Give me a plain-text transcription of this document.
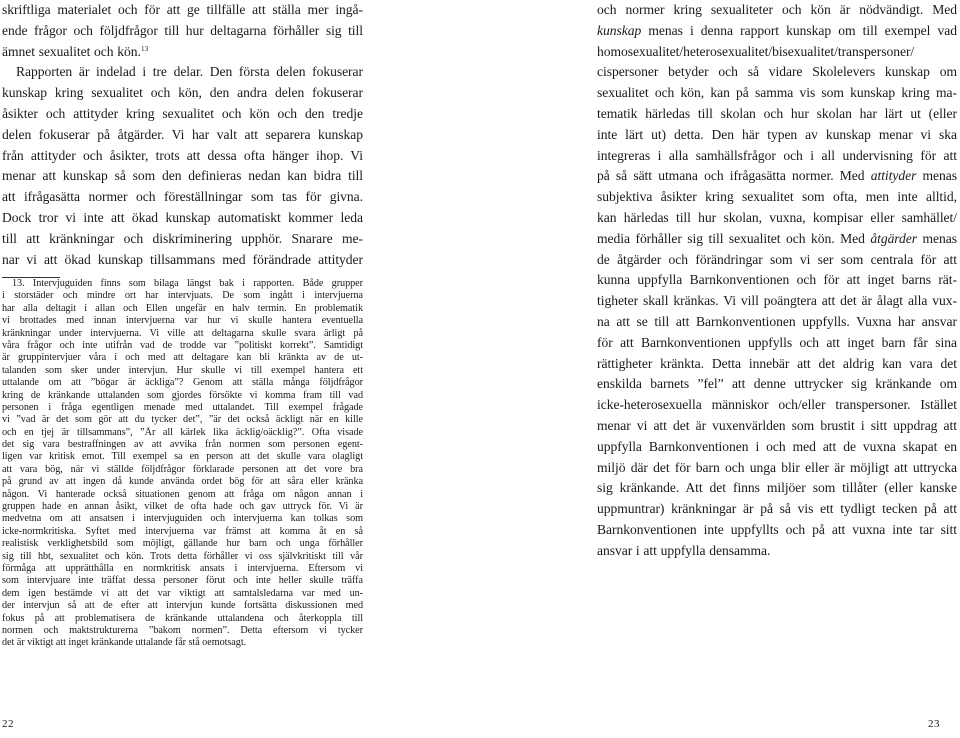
skriftliga materialet och för att ge tillfälle att ställa mer ingå-
ende frågor och följdfrågor till hur deltagarna förhåller sig till
ämnet sexualitet och kön.$^{13}$
Rapporten är indelad i tre delar. Den första delen fokuserar
kunskap kring sexualitet och kön, den andra delen fokuserar
åsikter och attityder kring sexualitet och kön och den tredje
delen fokuserar på åtgärder. Vi har valt att separera kunskap
från attityder och åsikter, trots att dessa ofta hänger ihop. Vi
menar att kunskap så som den definieras nedan kan bidra till
att ifrågasätta normer och föreställningar som tas för givna.
Dock tror vi inte att ökad kunskap automatiskt kommer leda
till att kränkningar och diskriminering upphör. Snarare me-
nar vi att ökad kunskap tillsammans med förändrade attityder
13. Intervjuguiden finns som bilaga längst bak i rapporten. Både grupper
i storstäder och mindre ort har intervjuats. De som ingått i intervjuerna
har alla deltagit i allan och Ellen ungefär en halv termin. En problematik
vi brottades med innan intervjuerna var hur vi skulle hantera eventuella
kränkningar under intervjuerna. Vi ville att deltagarna skulle svara ärligt på
våra frågor och inte utifrån vad de trodde var ”politiskt korrekt”. Samtidigt
är gruppintervjuer våra i och med att deltagare kan bli kränkta av de ut-
talanden som sker under intervjun. Hur skulle vi till exempel hantera ett
uttalande om att ”bögar är äckliga”? Genom att ställa många följdfrågor
kring de kränkande uttalanden som gjordes försökte vi komma fram till vad
personen i fråga egentligen menade med uttalandet. Till exempel frågade
vi ”vad är det som gör att du tycker det”, ”är det också äckligt när en kille
och en tjej är tillsammans”, ”Är all kärlek lika äcklig/oäcklig?”. Ofta visade
det sig vara bestraffningen av att avvika från normen som personen egent-
ligen var kritisk emot. Till exempel sa en person att det skulle vara olagligt
att vara bög, när vi ställde följdfrågor förklarade personen att det vore bra
på grund av att ingen då kunde använda ordet bög för att såra eller kränka
någon. Vi hanterade också situationen genom att fråga om någon annan i
gruppen hade en annan åsikt, vilket de ofta hade och gav uttryck för. Vi är
medvetna om att ansatsen i intervjuguiden och intervjuerna kan tolkas som
icke-normkritiska. Syftet med intervjuerna var främst att komma åt en så
realistisk verklighetsbild som möjligt, gällande hur barn och unga förhåller
sig till hbt, sexualitet och kön. Trots detta förhåller vi oss självkritiskt till vår
förmåga att upprätthålla en normkritisk ansats i intervjuerna. Eftersom vi
som intervjuare inte träffat dessa personer förut och inte heller skulle träffa
dem igen bestämde vi att det var viktigt att samtalsledarna var med un-
der intervjun så att de efter att intervjun kunde fortsätta diskussionen med
fokus på att problematisera de kränkande uttalandena och återkoppla till
normen och maktstrukturerna ”bakom normen”. Detta eftersom vi tycker
det är viktigt att inget kränkande uttalande får stå oemotsagt.
22
och normer kring sexualiteter och kön är nödvändigt. Med
kunskap menas i denna rapport kunskap om till exempel vad
homosexualitet/heterosexualitet/bisexualitet/transpersoner/
cispersoner betyder och så vidare Skolelevers kunskap om
sexualitet och kön, kan på samma vis som kunskap kring ma-
tematik härledas till skolan och hur skolan har lärt ut (eller
inte lärt ut) detta. Den här typen av kunskap menar vi ska
integreras i alla samhällsfrågor och i all undervisning för att
på så sätt utmana och ifrågasätta normer. Med attityder menas
subjektiva åsikter kring sexualitet som ofta, men inte alltid,
kan härledas till hur skolan, vuxna, kompisar eller samhället/
media förhåller sig till sexualitet och kön. Med åtgärder menas
de åtgärder och förändringar som vi ser som centrala för att
kunna uppfylla Barnkonventionen och för att inget barns rät-
tigheter skall kränkas. Vi vill poängtera att det är ålagt alla vux-
na att se till att Barnkonventionen uppfylls. Vuxna har ansvar
för att Barnkonventionen uppfylls och att inget barn får sina
rättigheter kränkta. Detta innebär att det aldrig kan vara det
enskilda barnets ”fel” att denne uttrycker sig kränkande om
icke-heterosexuella människor och/eller transpersoner. Istället
menar vi att det är vuxenvärlden som brustit i sitt uppdrag att
uppfylla Barnkonventionen i och med att de vuxna skapat en
miljö där det för barn och unga blir eller är möjligt att uttrycka
sig kränkande. Att det finns miljöer som tillåter (eller kanske
uppmuntrar) kränkningar är på så vis ett tydligt tecken på att
Barnkonventionen inte uppfyllts och på att vuxna inte tar sitt
ansvar i att uppfylla densamma.
23
